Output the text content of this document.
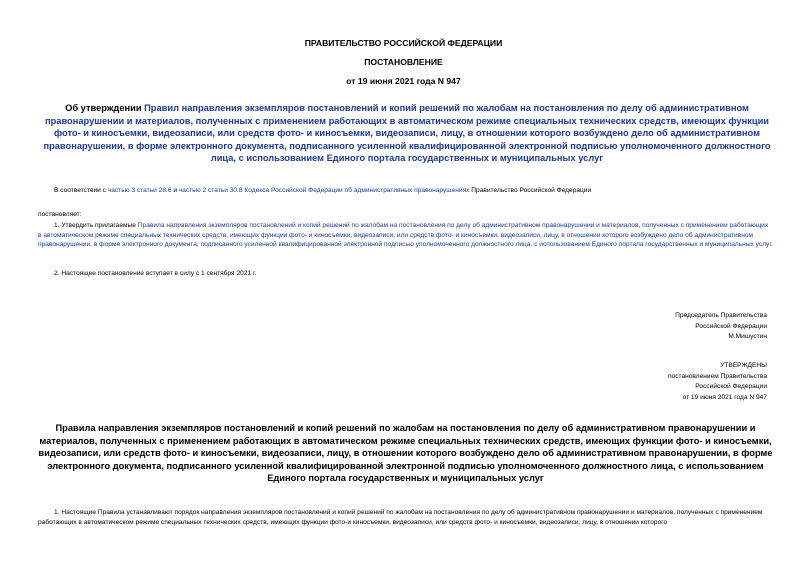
ПРАВИТЕЛЬСТВО РОССИЙСКОЙ ФЕДЕРАЦИИ
ПОСТАНОВЛЕНИЕ
от 19 июня 2021 года N 947
Об утверждении Правил направления экземпляров постановлений и копий решений по жалобам на постановления по делу об административном правонарушении и материалов, полученных с применением работающих в автоматическом режиме специальных технических средств, имеющих функции фото- и киносъемки, видеозаписи, или средств фото- и киносъемки, видеозаписи, лицу, в отношении которого возбуждено дело об административном правонарушении, в форме электронного документа, подписанного усиленной квалифицированной электронной подписью уполномоченного должностного лица, с использованием Единого портала государственных и муниципальных услуг
В соответствии с частью 3 статьи 28.6 и частью 2 статьи 30.8 Кодекса Российской Федерации об административных правонарушениях Правительство Российской Федерации
постановляет:
1. Утвердить прилагаемые Правила направления экземпляров постановлений и копий решений по жалобам на постановления по делу об административном правонарушении и материалов, полученных с применением работающих в автоматическом режиме специальных технических средств, имеющих функции фото- и киносъемки, видеозаписи, или средств фото- и киносъемки, видеозаписи, лицу, в отношении которого возбуждено дело об административном правонарушении, в форме электронного документа, подписанного усиленной квалифицированной электронной подписью уполномоченного должностного лица, с использованием Единого портала государственных и муниципальных услуг.
2. Настоящее постановление вступает в силу с 1 сентября 2021 г.
Председатель Правительства
Российской Федерации
М.Мишустин
УТВЕРЖДЕНЫ
постановлением Правительства
Российской Федерации
от 19 июня 2021 года N 947
Правила направления экземпляров постановлений и копий решений по жалобам на постановления по делу об административном правонарушении и материалов, полученных с применением работающих в автоматическом режиме специальных технических средств, имеющих функции фото- и киносъемки, видеозаписи, или средств фото- и киносъемки, видеозаписи, лицу, в отношении которого возбуждено дело об административном правонарушении, в форме электронного документа, подписанного усиленной квалифицированной электронной подписью уполномоченного должностного лица, с использованием Единого портала государственных и муниципальных услуг
1. Настоящие Правила устанавливают порядок направления экземпляров постановлений и копий решений по жалобам на постановления по делу об административном правонарушении и материалов, полученных с применением работающих в автоматическом режиме специальных технических средств, имеющих функции фото-и киносъемки, видеозаписи, или средств фото- и киносъемки, видеозаписи, лицу, в отношении которого
